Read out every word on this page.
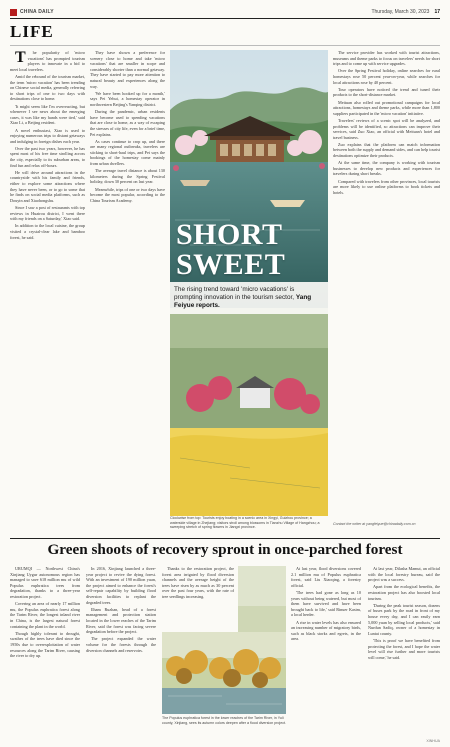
CHINA DAILY	Thursday, March 30, 2023 17
LIFE

The popularity of 'micro vacations' has prompted tourism players to innovate in a bid to meet local travelers.

Amid the rebound of the tourism market, the term 'micro vacation' has been trending on Chinese social media, generally referring to short trips of one to two days with destinations close to home.

'It might seem like I'm overreacting, but whenever I see news about the emerging cases, it was like my hands were tied,' said Xiao Li, a Beijing resident.

A novel enthusiast, Xiao is used to enjoying numerous trips to distant getaways and indulging in foreign dishes each year.

Over the past two years, however, he has spent most of his free time strolling across the city, especially to its suburban areas, to find fun and relax off-hours.

He will drive around attractions in the countryside with his family and friends, either to explore some attractions where they have never been, or to go to some that he finds on social media platforms, such as Douyin and Xiaohongshu.

Since I saw a post of restaurants with top reviews in Huairou district, I went there with my friends on a Saturday,' Xiao said.

In addition to the local cuisine, the group visited a crystal-clear lake and bamboo forest, he said.

They have shown a preference for scenery close to home and take 'micro vacations' that are smaller in scope and considerably shorter than a normal getaway. They have started to pay more attention to natural beauty and experiences along the way.

'We have been hooked up for a month,' says Pei Yehui, a homestay operator in northwestern Beijing's Yanqing district.

During the pandemic, urban residents have become used to spending vacations that are close to home, as a way of escaping the stresses of city life, even for a brief time, Pei explains.

As cases continue to crop up, and there are many regional outbreaks, travelers are sticking to short-haul trips, and Pei says the bookings of the homestay come mainly from urban dwellers.

The average travel distance is about 130 kilometers during the Spring Festival holiday, down 30 percent on last year.

Meanwhile, trips of one or two days have become the most popular, according to the China Tourism Academy.

SHORT
SWEET
The rising trend toward 'micro vacations' is prompting innovation in the tourism sector, Yang Feiyue reports.
Clockwise from top: Tourists enjoy boating in a scenic area in Xingyi, Guizhou province; a waterside village in Zhejiang; visitors stroll among blossoms in Tianzhu Village of Hangzhou; a sweeping stretch of spring flowers in Jiangxi province.

The service provider has worked with tourist attractions, museums and theme parks to focus on travelers' needs for short trips and to come up with service upgrades.

Over the Spring Festival holiday, online searches for rural homestays rose 50 percent year-on-year, while searches for local attractions rose by 40 percent.

Tour operators have noticed the trend and tuned their products to the short-distance market.

Meituan also rolled out promotional campaigns for local attractions, homestays and theme parks, while more than 1,800 suppliers participated in the 'micro vacation' initiative.

Travelers' reviews of a scenic spot will be analyzed, and problems will be identified, so attractions can improve their services, said Zuo Xiao, an official with Meituan's hotel and travel business.

Zuo explains that the platform can match information between both the supply and demand sides, and can help tourist destinations optimize their products.

At the same time, the company is working with tourism businesses to develop new products and experiences for travelers during short breaks.

Compared with travelers from other provinces, local tourists are more likely to use online platforms to book tickets and hotels.

Contact the writer at yangfeiyue@chinadaily.com.cn
Green shoots of recovery sprout in once-parched forest

URUMQI — Northwest China's Xinjiang Uygur autonomous region has managed to save 618 million mu of wild Populus euphratica trees from degradation, thanks to a three-year restoration project.

Covering an area of nearly 17 million mu, the Populus euphratica forest along the Tarim River, the longest inland river in China, is the largest natural forest containing the plant in the world.

Though highly tolerant to drought, swathes of the trees have died since the 1950s due to overexploitation of water resources along the Tarim River, causing the river to dry up.

In 2016, Xinjiang launched a three-year project to revive the dying forest. With an investment of 190 million yuan, the project aimed to enhance the forest's self-repair capability by building flood diversion facilities to replant the degraded trees.

Ilham Ruzhan, head of a forest management and protection station located in the lower reaches of the Tarim River, said the forest was facing severe degradation before the project.

The project expanded the water volume for the forests through the diversion channels and reservoirs.

Thanks to the restoration project, the forest area irrigated by flood diversion channels and the average height of the trees have risen by as much as 30 percent over the past four years, with the rate of tree seedlings increasing.

The Populus euphratica forest in the lower reaches of the Tarim River, in Yuli county, Xinjiang, sees its autumn colors deepen after a flood diversion project.

At last year, flood diversions covered 2.1 million mu of Populus euphratica forest, said Liu Xiaoqing, a forestry official.

'The trees had gone as long as 10 years without being watered, but most of them have survived and have been brought back to life,' said Rinuer Kasim, a local herder.

A rise in water levels has also ensured an increasing number of migratory birds, such as black storks and egrets, in the area.

At last year, Dilasha Mamut, an official with the local forestry bureau, said the project was a success.

Apart from the ecological benefits, the restoration project has also boosted local tourism.

'During the peak tourist season, dozens of buses park by the road in front of my house every day, and I can easily earn 5,000 yuan by selling local products,' said Nurdun Sadiq, owner of a homestay in Luntai county.

'This is proof we have benefited from protecting the forest, and I hope the water level will rise further and more tourists will come,' he said.

XINHUA
